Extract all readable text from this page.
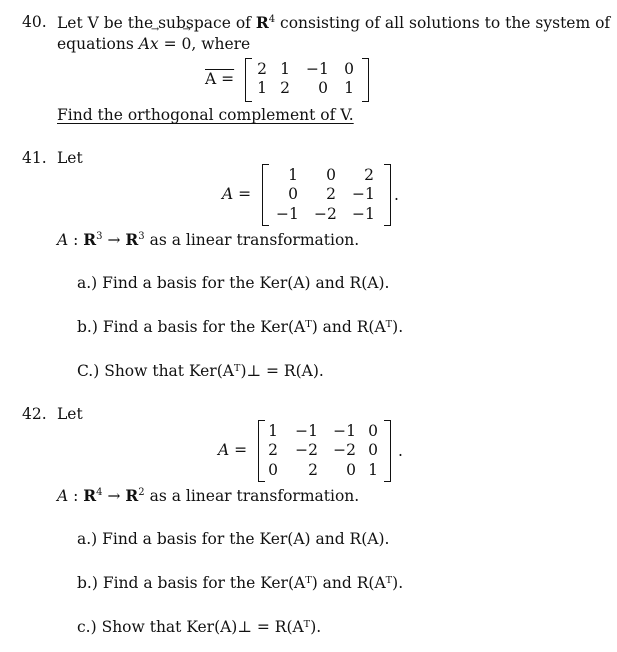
40. Let V be the subspace of $R^4$ consisting of all solutions to the system of
equations Ax → = 0 →, where
A =
2 1 −1 0
1 2	0	1
Find the orthogonal complement of V.
41. Let
A =
1	0	2
0	2 −1
−1 −2 −1
.
A : $R^3 \to R^3$ as a linear transformation.
a.) Find a basis for the Ker(A) and R(A).
b.) Find a basis for the Ker(Aᵀ) and R(Aᵀ).
C.) Show that Ker(Aᵀ)⊥ = R(A).
42. Let
A =
1 −1 −1 0
2 −2 −2 0
0	2	0 1
.
A : $R^4 \to R^2$ as a linear transformation.
a.) Find a basis for the Ker(A) and R(A).
b.) Find a basis for the Ker(Aᵀ) and R(Aᵀ).
c.) Show that Ker(A)⊥ = R(Aᵀ).
